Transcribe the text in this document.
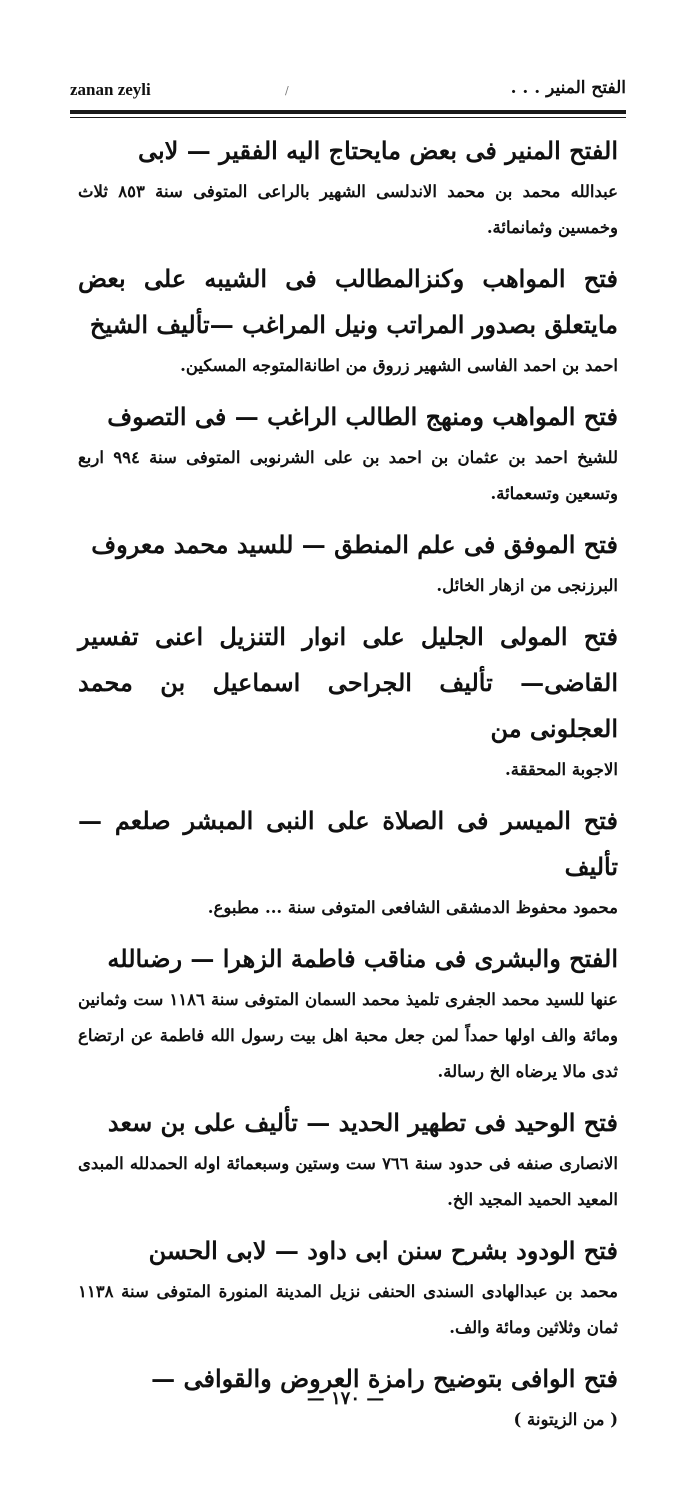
zanan zeyli	/	الفتح المنير . . .

الفتح المنير فى بعض مايحتاج اليه الفقير — لابى
عبدالله محمد بن محمد الاندلسى الشهير بالراعى المتوفى سنة ٨٥٣ ثلاث وخمسين وثمانمائة.

فتح المواهب وكنزالمطالب فى الشيبه على بعض مايتعلق بصدور المراتب ونيل المراغب —تأليف الشيخ
احمد بن احمد الفاسى الشهير زروق من اطانةالمتوجه المسكين.

فتح المواهب ومنهج الطالب الراغب — فى التصوف
للشيخ احمد بن عثمان بن احمد بن على الشرنوبى المتوفى سنة ٩٩٤ اربع وتسعين وتسعمائة.

فتح الموفق فى علم المنطق — للسيد محمد معروف
البرزنجى من ازهار الخائل.

فتح المولى الجليل على انوار التنزيل اعنى تفسير القاضى— تأليف الجراحى اسماعيل بن محمد العجلونى من
الاجوبة المحققة.

فتح الميسر فى الصلاة على النبى المبشر صلعم —تأليف
محمود محفوظ الدمشقى الشافعى المتوفى سنة ... مطبوع.

الفتح والبشرى فى مناقب فاطمة الزهرا — رضىالله
عنها للسيد محمد الجفرى تلميذ محمد السمان المتوفى سنة ١١٨٦ ست وثمانين ومائة والف اولها حمداً لمن جعل محبة اهل بيت رسول الله فاطمة عن ارتضاع ثدى مالا يرضاه الخ رسالة.

فتح الوحيد فى تطهير الحديد — تأليف على بن سعد
الانصارى صنفه فى حدود سنة ٧٦٦ ست وستين وسبعمائة اوله الحمدلله المبدى المعيد الحميد المجيد الخ.

فتح الودود بشرح سنن ابى داود — لابى الحسن
محمد بن عبدالهادى السندى الحنفى نزيل المدينة المنورة المتوفى سنة ١١٣٨ ثمان وثلاثين ومائة والف.

فتح الوافى بتوضيح رامزة العروض والقوافى —
( من الزيتونة )

— ١٧٠ —
